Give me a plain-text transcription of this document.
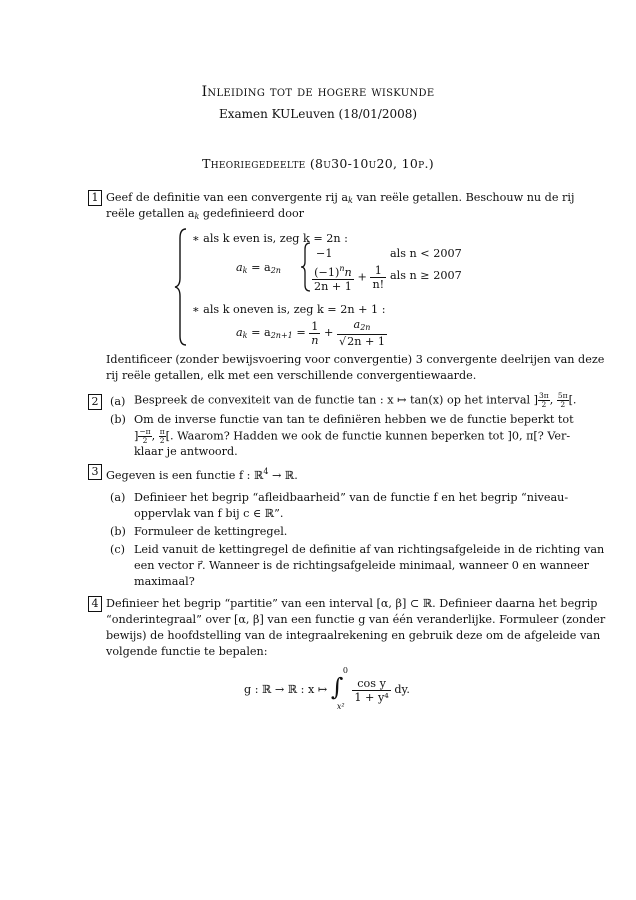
Inleiding tot de hogere wiskunde
Examen KULeuven (18/01/2008)
Theoriegedeelte (8u30-10u20, 10p.)
1 Geef de definitie van een convergente rij $a_k$ van reële getallen. Beschouw nu de rij
reële getallen $a_k$ gedefinieerd door
∗ als k even is, zeg k = 2n :
$a_k = a_{2n}$
−1	als n < 2007
$\frac{(-1)^nn}{2n + 1} + \frac{1}{n!}$ als n ≥ 2007
∗ als k oneven is, zeg k = 2n + 1 :
$a_k = a_{2n+1} = \frac{1}{n} + \frac{a_{2n}}{√2n + 1}$
Identificeer (zonder bewijsvoering voor convergentie) 3 convergente deelrijen van deze
rij reële getallen, elk met een verschillende convergentiewaarde.
2	(a) Bespreek de convexiteit van de functie tan : x ↦ tan(x) op het interval ] $\frac{3\pi}{2}$ , $\frac{5\pi}{2}$ [.
(b) Om de inverse functie van tan te definiëren hebben we de functie beperkt tot
] $\frac{-\pi}{2}$ , $\frac{\pi}{2}$ [. Waarom? Hadden we ook de functie kunnen beperken tot ]0, π[? Ver-
klaar je antwoord.
3 Gegeven is een functie f : ℝ$^4$ → ℝ.
(a) Definieer het begrip “afleidbaarheid” van de functie f en het begrip “niveau-
oppervlak van f bij c ∈ ℝ”.
(b) Formuleer de kettingregel.
(c) Leid vanuit de kettingregel de definitie af van richtingsafgeleide in de richting van
een vector r⃗. Wanneer is de richtingsafgeleide minimaal, wanneer 0 en wanneer
maximaal?
4 Definieer het begrip “partitie” van een interval [α, β] ⊂ ℝ. Definieer daarna het begrip
“onderintegraal” over [α, β] van een functie g van één veranderlijke. Formuleer (zonder
bewijs) de hoofdstelling van de integraalrekening en gebruik deze om de afgeleide van
volgende functie te bepalen:
g : ℝ → ℝ : x ↦ ∫
0
x²

$\frac{\text{cos y}}{\text{1 + y⁴}}$ dy.
